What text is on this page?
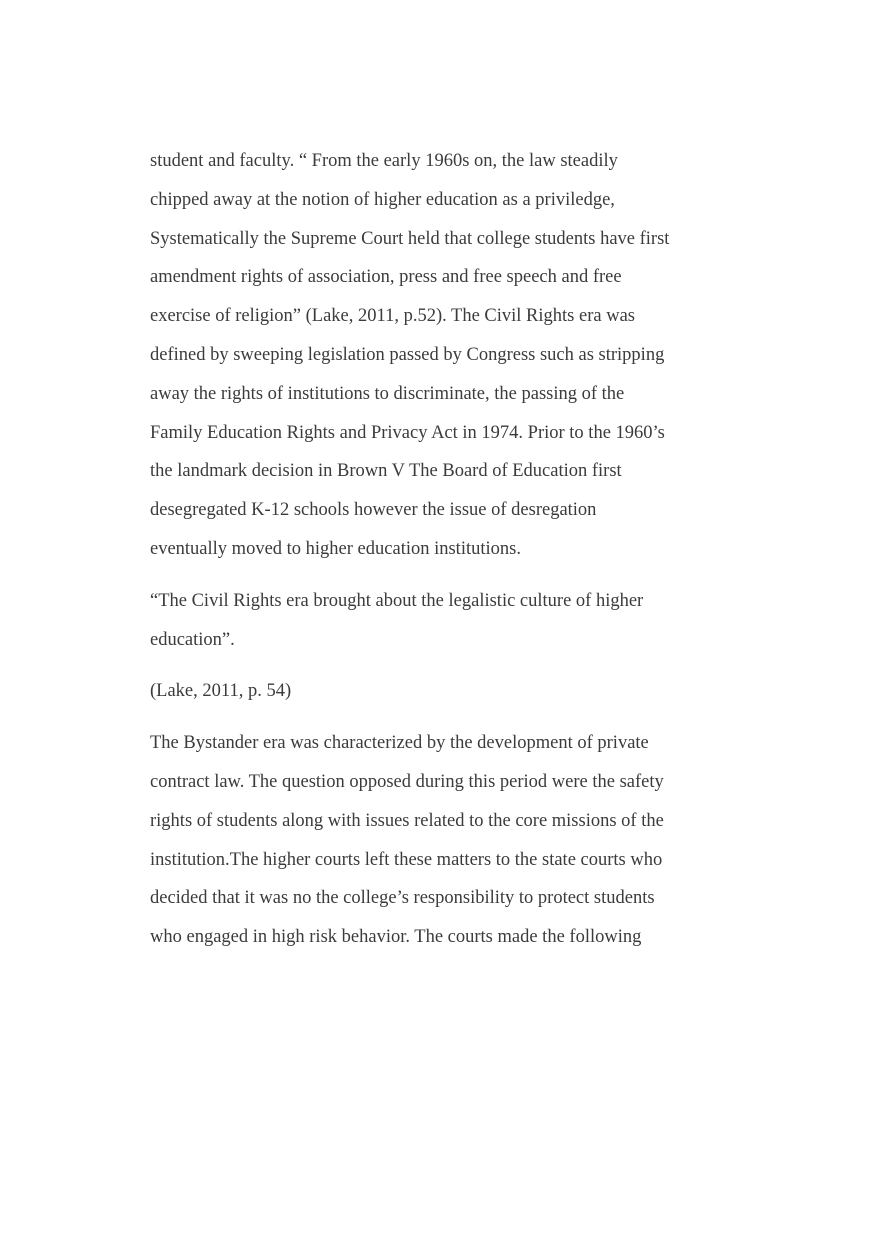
student and faculty. “ From the early 1960s on, the law steadily
chipped away at the notion of higher education as a priviledge,
Systematically the Supreme Court held that college students have first
amendment rights of association, press and free speech and free
exercise of religion” (Lake, 2011, p.52). The Civil Rights era was
defined by sweeping legislation passed by Congress such as stripping
away the rights of institutions to discriminate, the passing of the
Family Education Rights and Privacy Act in 1974. Prior to the 1960’s
the landmark decision in Brown V The Board of Education first
desegregated K-12 schools however the issue of desregation
eventually moved to higher education institutions.
“The Civil Rights era brought about the legalistic culture of higher
education”.
(Lake, 2011, p. 54)
The Bystander era was characterized by the development of private
contract law. The question opposed during this period were the safety
rights of students along with issues related to the core missions of the
institution.The higher courts left these matters to the state courts who
decided that it was no the college’s responsibility to protect students
who engaged in high risk behavior. The courts made the following
